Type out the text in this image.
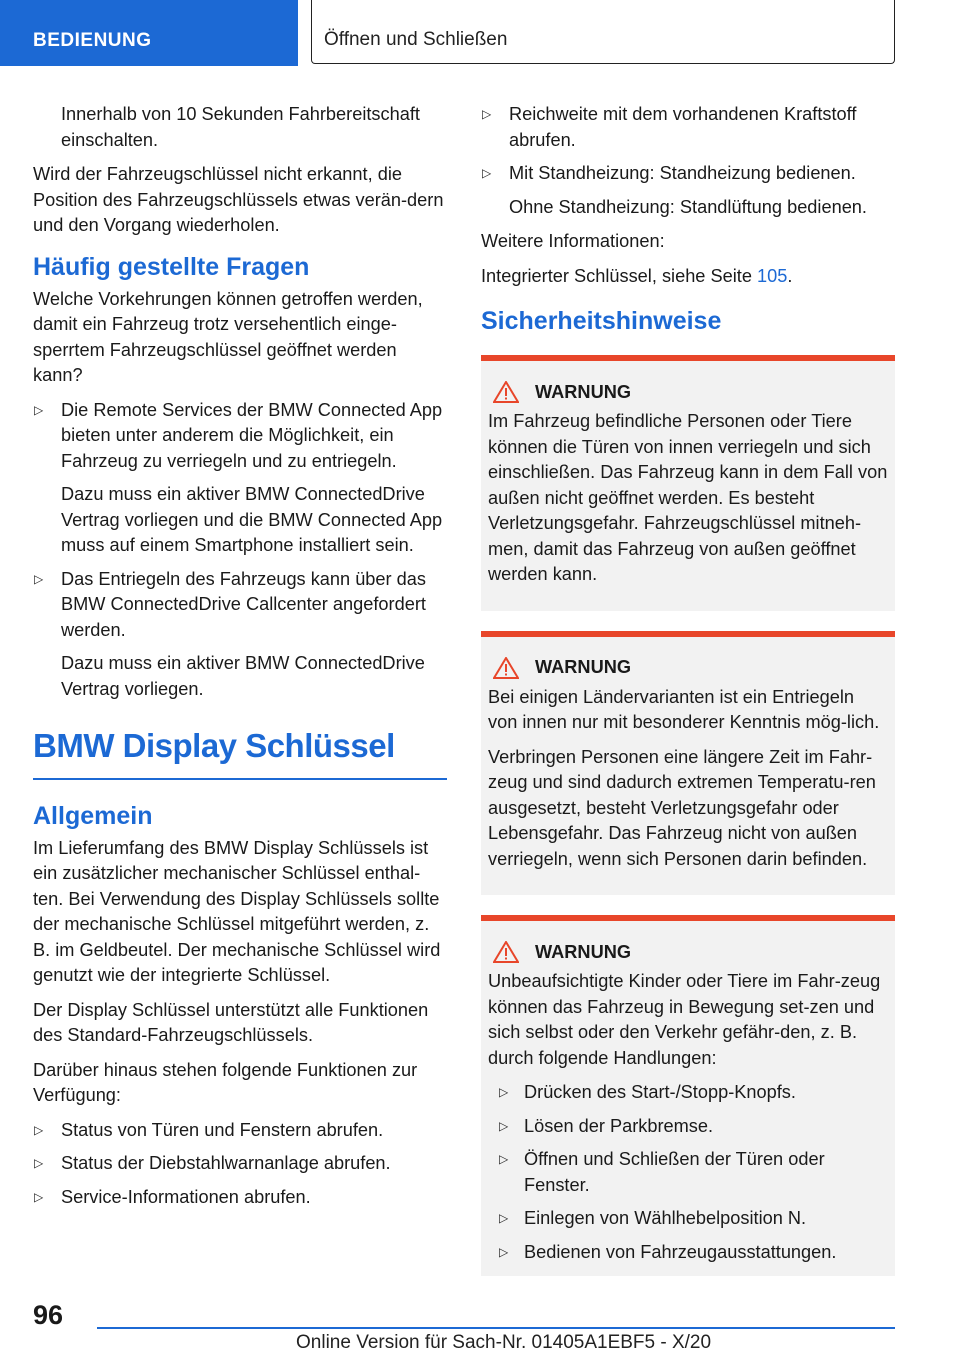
BEDIENUNG	Öffnen und Schließen

Innerhalb von 10 Sekunden Fahrbereitschaft einschalten.

Wird der Fahrzeugschlüssel nicht erkannt, die Position des Fahrzeugschlüssels etwas verän-dern und den Vorgang wiederholen.

Häufig gestellte Fragen

Welche Vorkehrungen können getroffen werden, damit ein Fahrzeug trotz versehentlich einge-sperrtem Fahrzeugschlüssel geöffnet werden kann?

▷ Die Remote Services der BMW Connected App bieten unter anderem die Möglichkeit, ein Fahrzeug zu verriegeln und zu entriegeln.

Dazu muss ein aktiver BMW ConnectedDrive Vertrag vorliegen und die BMW Connected App muss auf einem Smartphone installiert sein.

▷ Das Entriegeln des Fahrzeugs kann über das BMW ConnectedDrive Callcenter angefordert werden.

Dazu muss ein aktiver BMW ConnectedDrive Vertrag vorliegen.

BMW Display Schlüssel
Allgemein

Im Lieferumfang des BMW Display Schlüssels ist ein zusätzlicher mechanischer Schlüssel enthal-ten. Bei Verwendung des Display Schlüssels sollte der mechanische Schlüssel mitgeführt werden, z. B. im Geldbeutel. Der mechanische Schlüssel wird genutzt wie der integrierte Schlüssel.

Der Display Schlüssel unterstützt alle Funktionen des Standard-Fahrzeugschlüssels.

Darüber hinaus stehen folgende Funktionen zur Verfügung:

▷ Status von Türen und Fenstern abrufen.
▷ Status der Diebstahlwarnanlage abrufen.
▷ Service-Informationen abrufen.
▷ Reichweite mit dem vorhandenen Kraftstoff abrufen.

▷ Mit Standheizung: Standheizung bedienen.

Ohne Standheizung: Standlüftung bedienen.

Weitere Informationen:

Integrierter Schlüssel, siehe Seite 105.

Sicherheitshinweise
WARNUNG

Im Fahrzeug befindliche Personen oder Tiere können die Türen von innen verriegeln und sich einschließen. Das Fahrzeug kann in dem Fall von außen nicht geöffnet werden. Es besteht Verletzungsgefahr. Fahrzeugschlüssel mitneh-men, damit das Fahrzeug von außen geöffnet werden kann.

WARNUNG

Bei einigen Ländervarianten ist ein Entriegeln von innen nur mit besonderer Kenntnis mög-lich.

Verbringen Personen eine längere Zeit im Fahr-zeug und sind dadurch extremen Temperatu-ren ausgesetzt, besteht Verletzungsgefahr oder Lebensgefahr. Das Fahrzeug nicht von außen verriegeln, wenn sich Personen darin befinden.

WARNUNG

Unbeaufsichtigte Kinder oder Tiere im Fahr-zeug können das Fahrzeug in Bewegung set-zen und sich selbst oder den Verkehr gefähr-den, z. B. durch folgende Handlungen:

▷ Drücken des Start-/Stopp-Knopfs.
▷ Lösen der Parkbremse.
▷ Öffnen und Schließen der Türen oder Fenster.
▷ Einlegen von Wählhebelposition N.
▷ Bedienen von Fahrzeugausstattungen.
96
Online Version für Sach-Nr. 01405A1EBF5 - X/20
